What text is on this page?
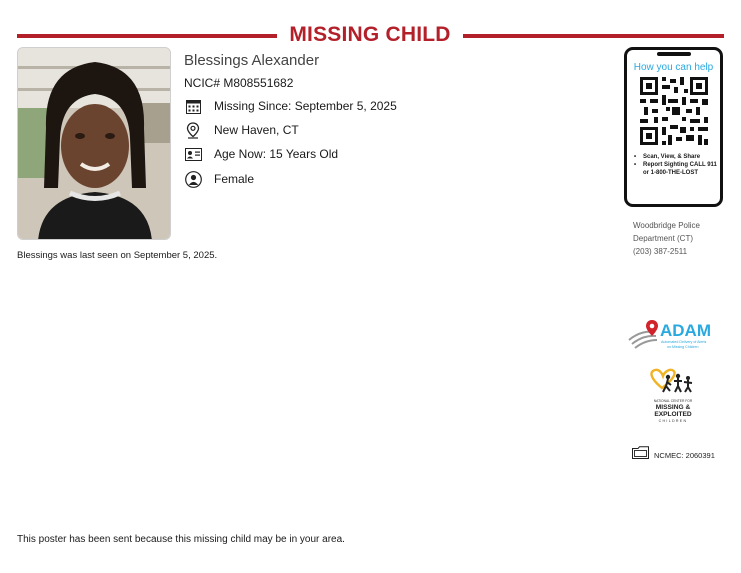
MISSING CHILD
Blessings Alexander
NCIC# M808551682
Missing Since: September 5, 2025
New Haven, CT
Age Now: 15 Years Old
Female
Blessings was last seen on September 5, 2025.
How you can help
• Scan, View, & Share
• Report Sighting CALL 911 or 1-800-THE-LOST
Woodbridge Police
Department (CT)
(203) 387-2511
ADAM
Automated Delivery of Alerts
on Missing Children
NATIONAL CENTER FOR
MISSING &
EXPLOITED
CHILDREN
NCMEC: 2060391
This poster has been sent because this missing child may be in your area.
